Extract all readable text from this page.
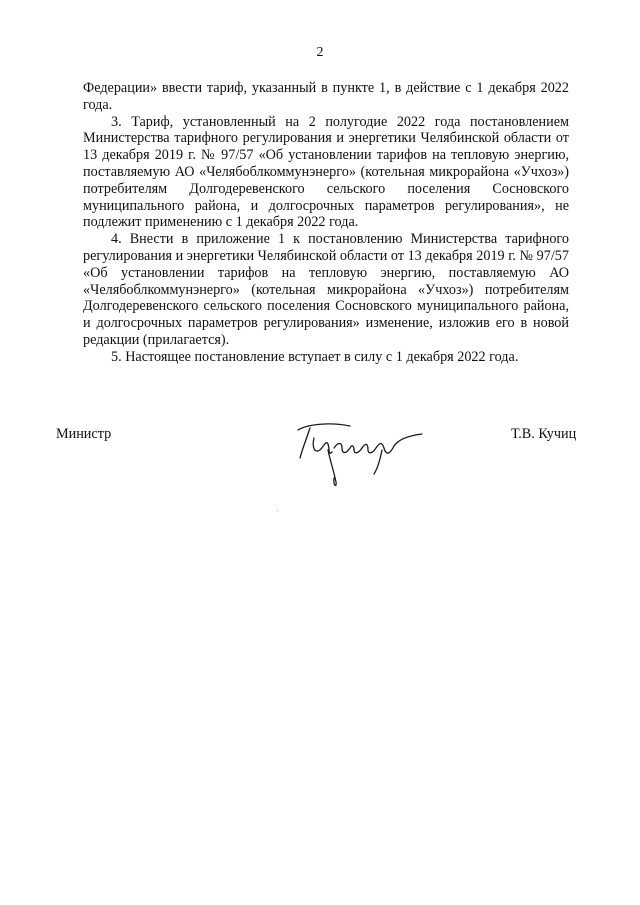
2

Федерации» ввести тариф, указанный в пункте 1, в действие с 1 декабря 2022 года.

3. Тариф, установленный на 2 полугодие 2022 года постановлением Министерства тарифного регулирования и энергетики Челябинской области от 13 декабря 2019 г. № 97/57 «Об установлении тарифов на тепловую энергию, поставляемую АО «Челябоблкоммунэнерго» (котельная микрорайона «Учхоз») потребителям Долгодеревенского сельского поселения Сосновского муниципального района, и долгосрочных параметров регулирования», не подлежит применению с 1 декабря 2022 года.

4. Внести в приложение 1 к постановлению Министерства тарифного регулирования и энергетики Челябинской области от 13 декабря 2019 г. № 97/57 «Об установлении тарифов на тепловую энергию, поставляемую АО «Челябоблкоммунэнерго» (котельная микрорайона «Учхоз») потребителям Долгодеревенского сельского поселения Сосновского муниципального района, и долгосрочных параметров регулирования» изменение, изложив его в новой редакции (прилагается).

5. Настоящее постановление вступает в силу с 1 декабря 2022 года.

Министр	Т.В. Кучиц
